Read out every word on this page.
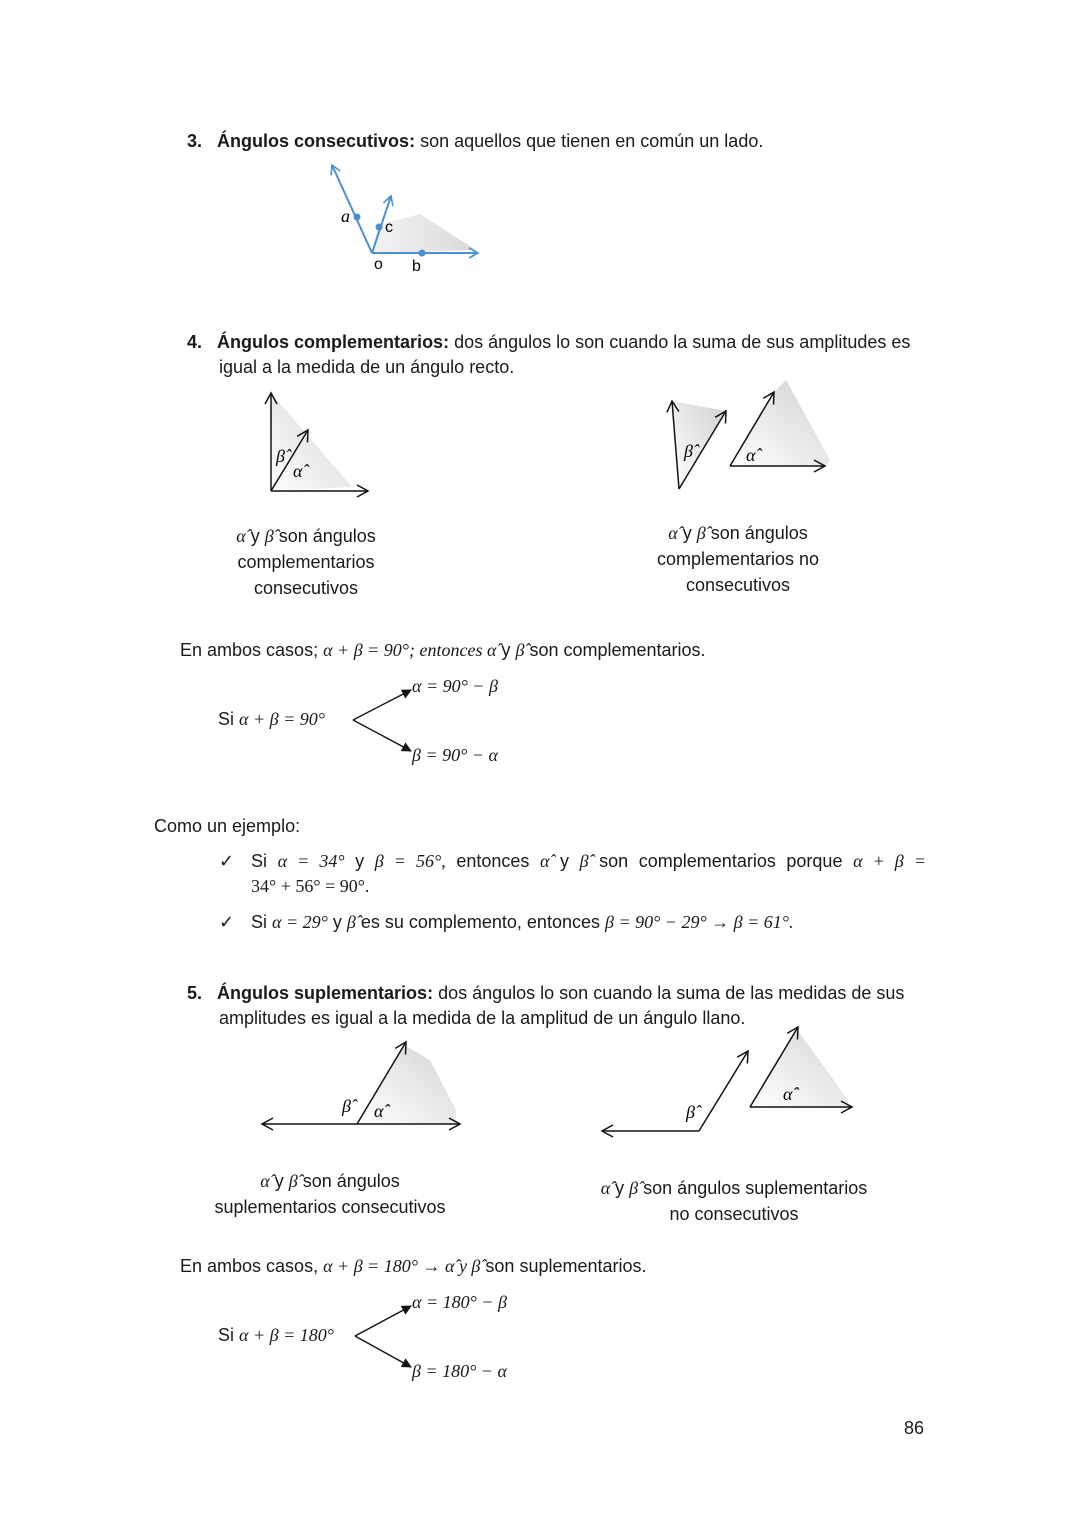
3. Ángulos consecutivos: son aquellos que tienen en común un lado.
a
c
o b
4. Ángulos complementarios: dos ángulos lo son cuando la suma de sus amplitudes es
igual a la medida de un ángulo recto.
β̂
α̂
β̂	α̂
α̂ y β̂ son ángulos
complementarios
consecutivos
α̂ y β̂ son ángulos
complementarios no
consecutivos
En ambos casos; α + β = 90°; entonces α̂ y β̂ son complementarios.
Si α + β = 90°
α = 90° − β
β = 90° − α
Como un ejemplo:
✓ Si α = 34° y β = 56°, entonces α̂ y β̂ son complementarios porque α + β =
34° + 56° = 90°.
✓ Si α = 29° y β̂ es su complemento, entonces β = 90° − 29° → β = 61°.
5. Ángulos suplementarios: dos ángulos lo son cuando la suma de las medidas de sus
amplitudes es igual a la medida de la amplitud de un ángulo llano.
β̂	α̂	β̂
α̂
α̂ y β̂ son ángulos
suplementarios consecutivos
α̂ y β̂ son ángulos suplementarios
no consecutivos
En ambos casos, α + β = 180° → α̂ y β̂ son suplementarios.
Si α + β = 180°
α = 180° − β
β = 180° − α
86
